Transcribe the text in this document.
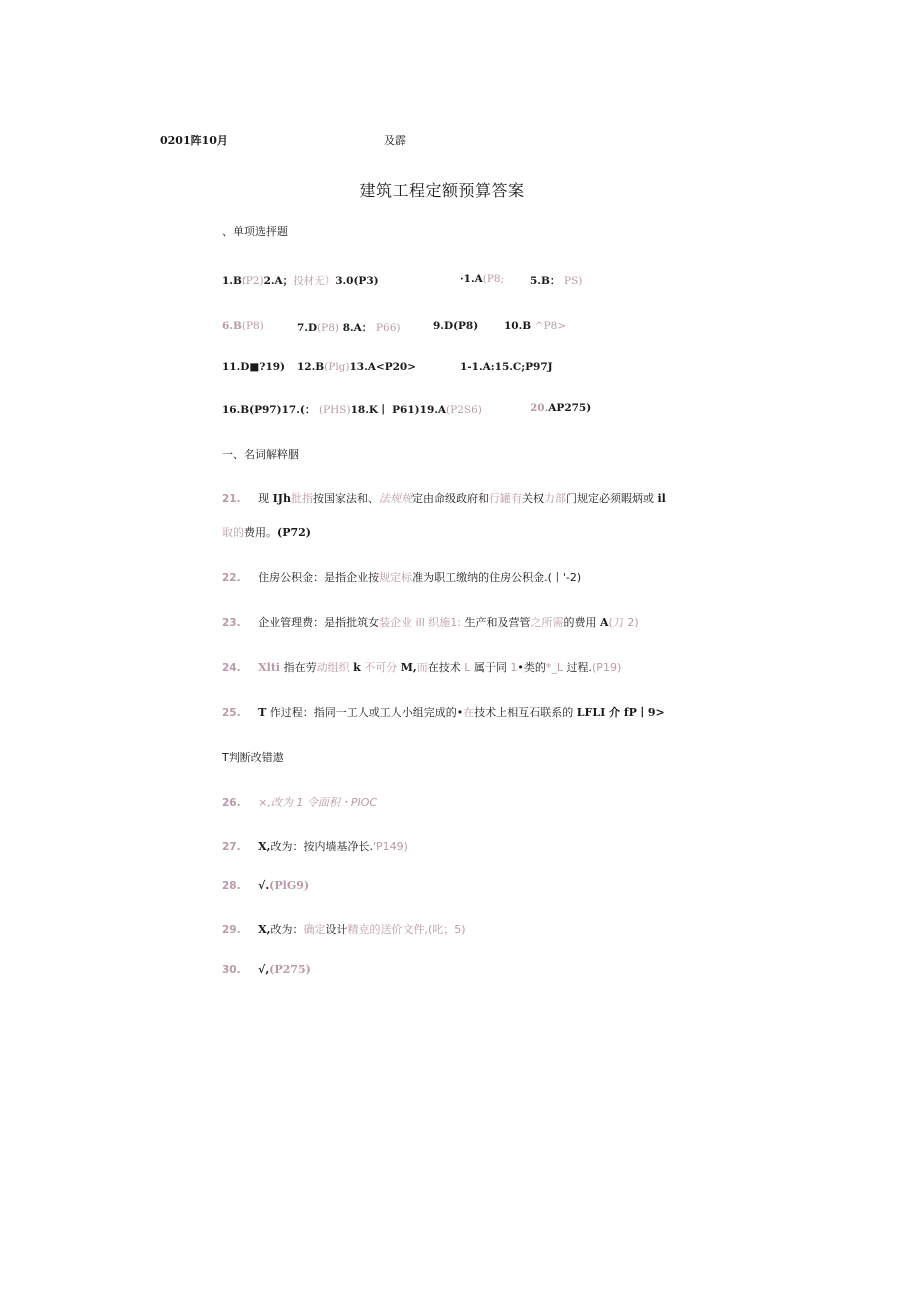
0201阵10月	及霹
建筑工程定额预算答案
、单项选抨题
1.BfP2)2.A；投材无）3.0(P3)	·1.A(P8; 5.B： PS)
6.B(P8)	7.D(P8) 8.A： P66)	9.D(P8) 10.B ^P8>
11.D■?19) 12.B(Plg)13.A<P20>	1-1.A:15.C;P97J
16.B(P97)17.(： (PHS)18.K丨 P61)19.A(P2S6)	20.AP275)
一、名词解粹胭
21. 现 IJh批指按国家法和、法规规定由命级政府和行罐有关权力部门规定必须暇炳或 il
取的费用。(P72)
22. 住房公积金：是指企业按规定标准为职工缴纳的住房公积金.(丨'-2)
23. 企业管理费：是指批筑女装企业 ill 织施1: 生产和及营管之所需的费用 A(刀 2)
24. Xlti 指在劳动组织 k 不可分 M,而在技术 L 属于同 1•类的*_L 过程.(P19)
25. T 作过程：指同一工人或工人小组完成的•在技术上相互石联系的 LFLI 介 fP丨9>
T判断改错遨
26. ×,改为 1 令面积・PIOC
27. X,改为：按内墙基净长.'P149)
28. √.(PlG9)
29. X,改为：确定设计精克的送价文件,(叱；5)
30. √,(P275)
